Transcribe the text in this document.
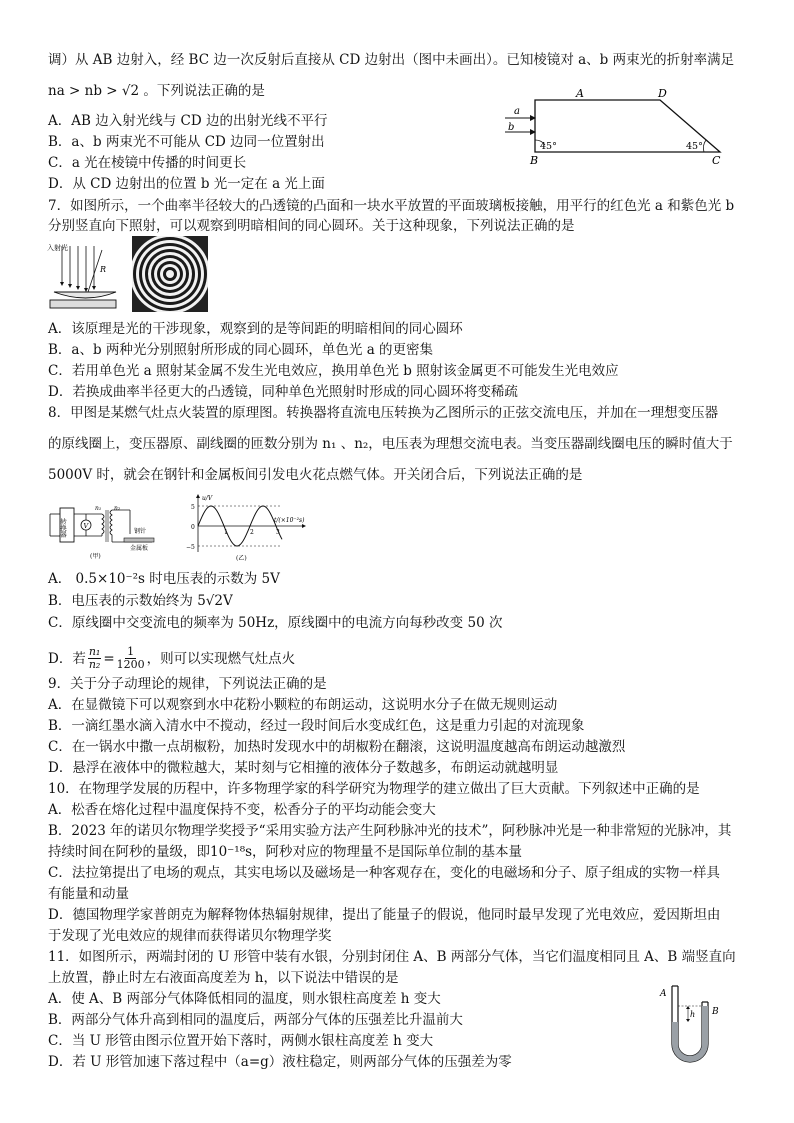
调）从 AB 边射入，经 BC 边一次反射后直接从 CD 边射出（图中未画出）。已知棱镜对 a、b 两束光的折射率满足
na > nb > √2 。下列说法正确的是
A．AB 边入射光线与 CD 边的出射光线不平行
B．a、b 两束光不可能从 CD 边同一位置射出
C．a 光在棱镜中传播的时间更长
D．从 CD 边射出的位置 b 光一定在 a 光上面
A	D
B	C
a
b
45°	45°
7．如图所示，一个曲率半径较大的凸透镜的凸面和一块水平放置的平面玻璃板接触，用平行的红色光 a 和紫色光 b
分别竖直向下照射，可以观察到明暗相间的同心圆环。关于这种现象，下列说法正确的是
入射光
R
A．该原理是光的干涉现象，观察到的是等间距的明暗相间的同心圆环
B．a、b 两种光分别照射所形成的同心圆环，单色光 a 的更密集
C．若用单色光 a 照射某金属不发生光电效应，换用单色光 b 照射该金属更不可能发生光电效应
D．若换成曲率半径更大的凸透镜，同种单色光照射时形成的同心圆环将变稀疏
8．甲图是某燃气灶点火装置的原理图。转换器将直流电压转换为乙图所示的正弦交流电压，并加在一理想变压器
的原线圈上，变压器原、副线圈的匝数分别为 n₁ 、n₂，电压表为理想交流电表。当变压器副线圈电压的瞬时值大于
5000V 时，就会在钢针和金属板间引发电火花点燃气体。开关闭合后，下列说法正确的是
转换器	V
n₁ n₂
钢针
金属板
(甲)
u/V
t/(×10⁻²s)
5
0
−5
1	2	3
(乙)
A． 0.5×10⁻²s 时电压表的示数为 5V
B．电压表的示数始终为 5√2V
C．原线圈中交变流电的频率为 50Hz，原线圈中的电流方向每秒改变 50 次
D．若 $\frac{\text{n₁}}{\text{n₂}} = \frac{1}{1200}$ ，则可以实现燃气灶点火
9．关于分子动理论的规律，下列说法正确的是
A．在显微镜下可以观察到水中花粉小颗粒的布朗运动，这说明水分子在做无规则运动
B．一滴红墨水滴入清水中不搅动，经过一段时间后水变成红色，这是重力引起的对流现象
C．在一锅水中撒一点胡椒粉，加热时发现水中的胡椒粉在翻滚，这说明温度越高布朗运动越激烈
D．悬浮在液体中的微粒越大，某时刻与它相撞的液体分子数越多，布朗运动就越明显
10．在物理学发展的历程中，许多物理学家的科学研究为物理学的建立做出了巨大贡献。下列叙述中正确的是
A．松香在熔化过程中温度保持不变，松香分子的平均动能会变大
B．2023 年的诺贝尔物理学奖授予“采用实验方法产生阿秒脉冲光的技术”，阿秒脉冲光是一种非常短的光脉冲，其
持续时间在阿秒的量级，即10⁻¹⁸s，阿秒对应的物理量不是国际单位制的基本量
C．法拉第提出了电场的观点，其实电场以及磁场是一种客观存在，变化的电磁场和分子、原子组成的实物一样具
有能量和动量
D．德国物理学家普朗克为解释物体热辐射规律，提出了能量子的假说，他同时最早发现了光电效应，爱因斯坦由
于发现了光电效应的规律而获得诺贝尔物理学奖
11．如图所示，两端封闭的 U 形管中装有水银，分别封闭住 A、B 两部分气体，当它们温度相同且 A、B 端竖直向
上放置，静止时左右液面高度差为 h，以下说法中错误的是
A．使 A、B 两部分气体降低相同的温度，则水银柱高度差 h 变大
B．两部分气体升高到相同的温度后，两部分气体的压强差比升温前大
C．当 U 形管由图示位置开始下落时，两侧水银柱高度差 h 变大
D．若 U 形管加速下落过程中（a=g）液柱稳定，则两部分气体的压强差为零
h
A
B
